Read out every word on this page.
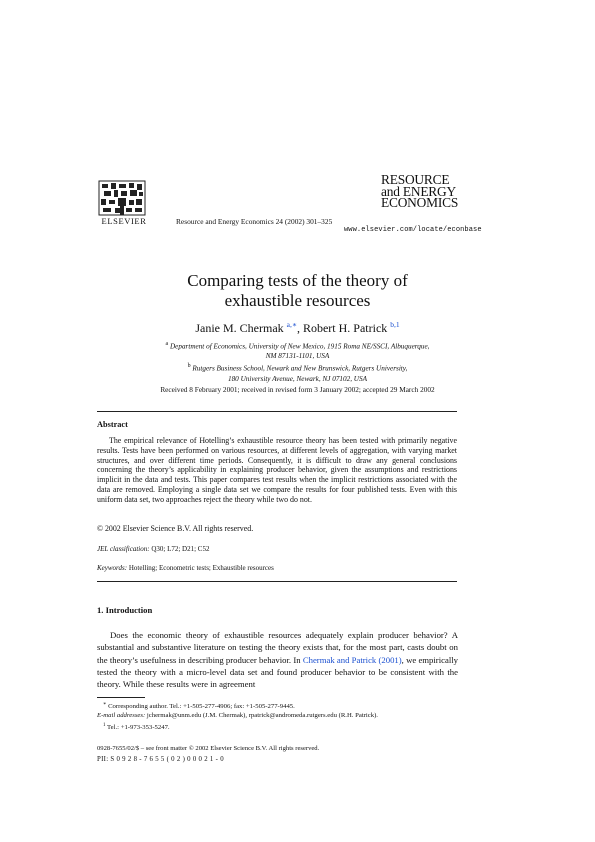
ELSEVIER	Resource and Energy Economics 24 (2002) 301–325
RESOURCE
and ENERGY
ECONOMICS
www.elsevier.com/locate/econbase
Comparing tests of the theory of
exhaustible resources
Janie M. Chermak $^{a,∗}$, Robert H. Patrick $^{b,1}$
$^a$ Department of Economics, University of New Mexico, 1915 Roma NE/SSCI, Albuquerque,
NM 87131-1101, USA
$^b$ Rutgers Business School, Newark and New Brunswick, Rutgers University,
180 University Avenue, Newark, NJ 07102, USA
Received 8 February 2001; received in revised form 3 January 2002; accepted 29 March 2002
Abstract

The empirical relevance of Hotelling’s exhaustible resource theory has been tested with primarily negative results. Tests have been performed on various resources, at different levels of aggregation, with varying market structures, and over different time periods. Consequently, it is difficult to draw any general conclusions concerning the theory’s applicability in explaining producer behavior, given the assumptions and restrictions implicit in the data and tests. This paper compares test results when the implicit restrictions associated with the data are removed. Employing a single data set we compare the results for four published tests. Even with this uniform data set, two approaches reject the theory while two do not.

© 2002 Elsevier Science B.V. All rights reserved.
JEL classification: Q30; L72; D21; C52
Keywords: Hotelling; Econometric tests; Exhaustible resources
1. Introduction

Does the economic theory of exhaustible resources adequately explain producer behavior? A substantial and substantive literature on testing the theory exists that, for the most part, casts doubt on the theory’s usefulness in describing producer behavior. In Chermak and Patrick (2001), we empirically tested the theory with a micro-level data set and found producer behavior to be consistent with the theory. While these results were in agreement

∗ Corresponding author. Tel.: +1-505-277-4906; fax: +1-505-277-9445.
E-mail addresses: jchermak@unm.edu (J.M. Chermak), rpatrick@andromeda.rutgers.edu (R.H. Patrick).
$^1$ Tel.: +1-973-353-5247.
0928-7655/02/$ – see front matter © 2002 Elsevier Science B.V. All rights reserved.
PII: S 0 9 2 8 - 7 6 5 5 ( 0 2 ) 0 0 0 2 1 - 0
